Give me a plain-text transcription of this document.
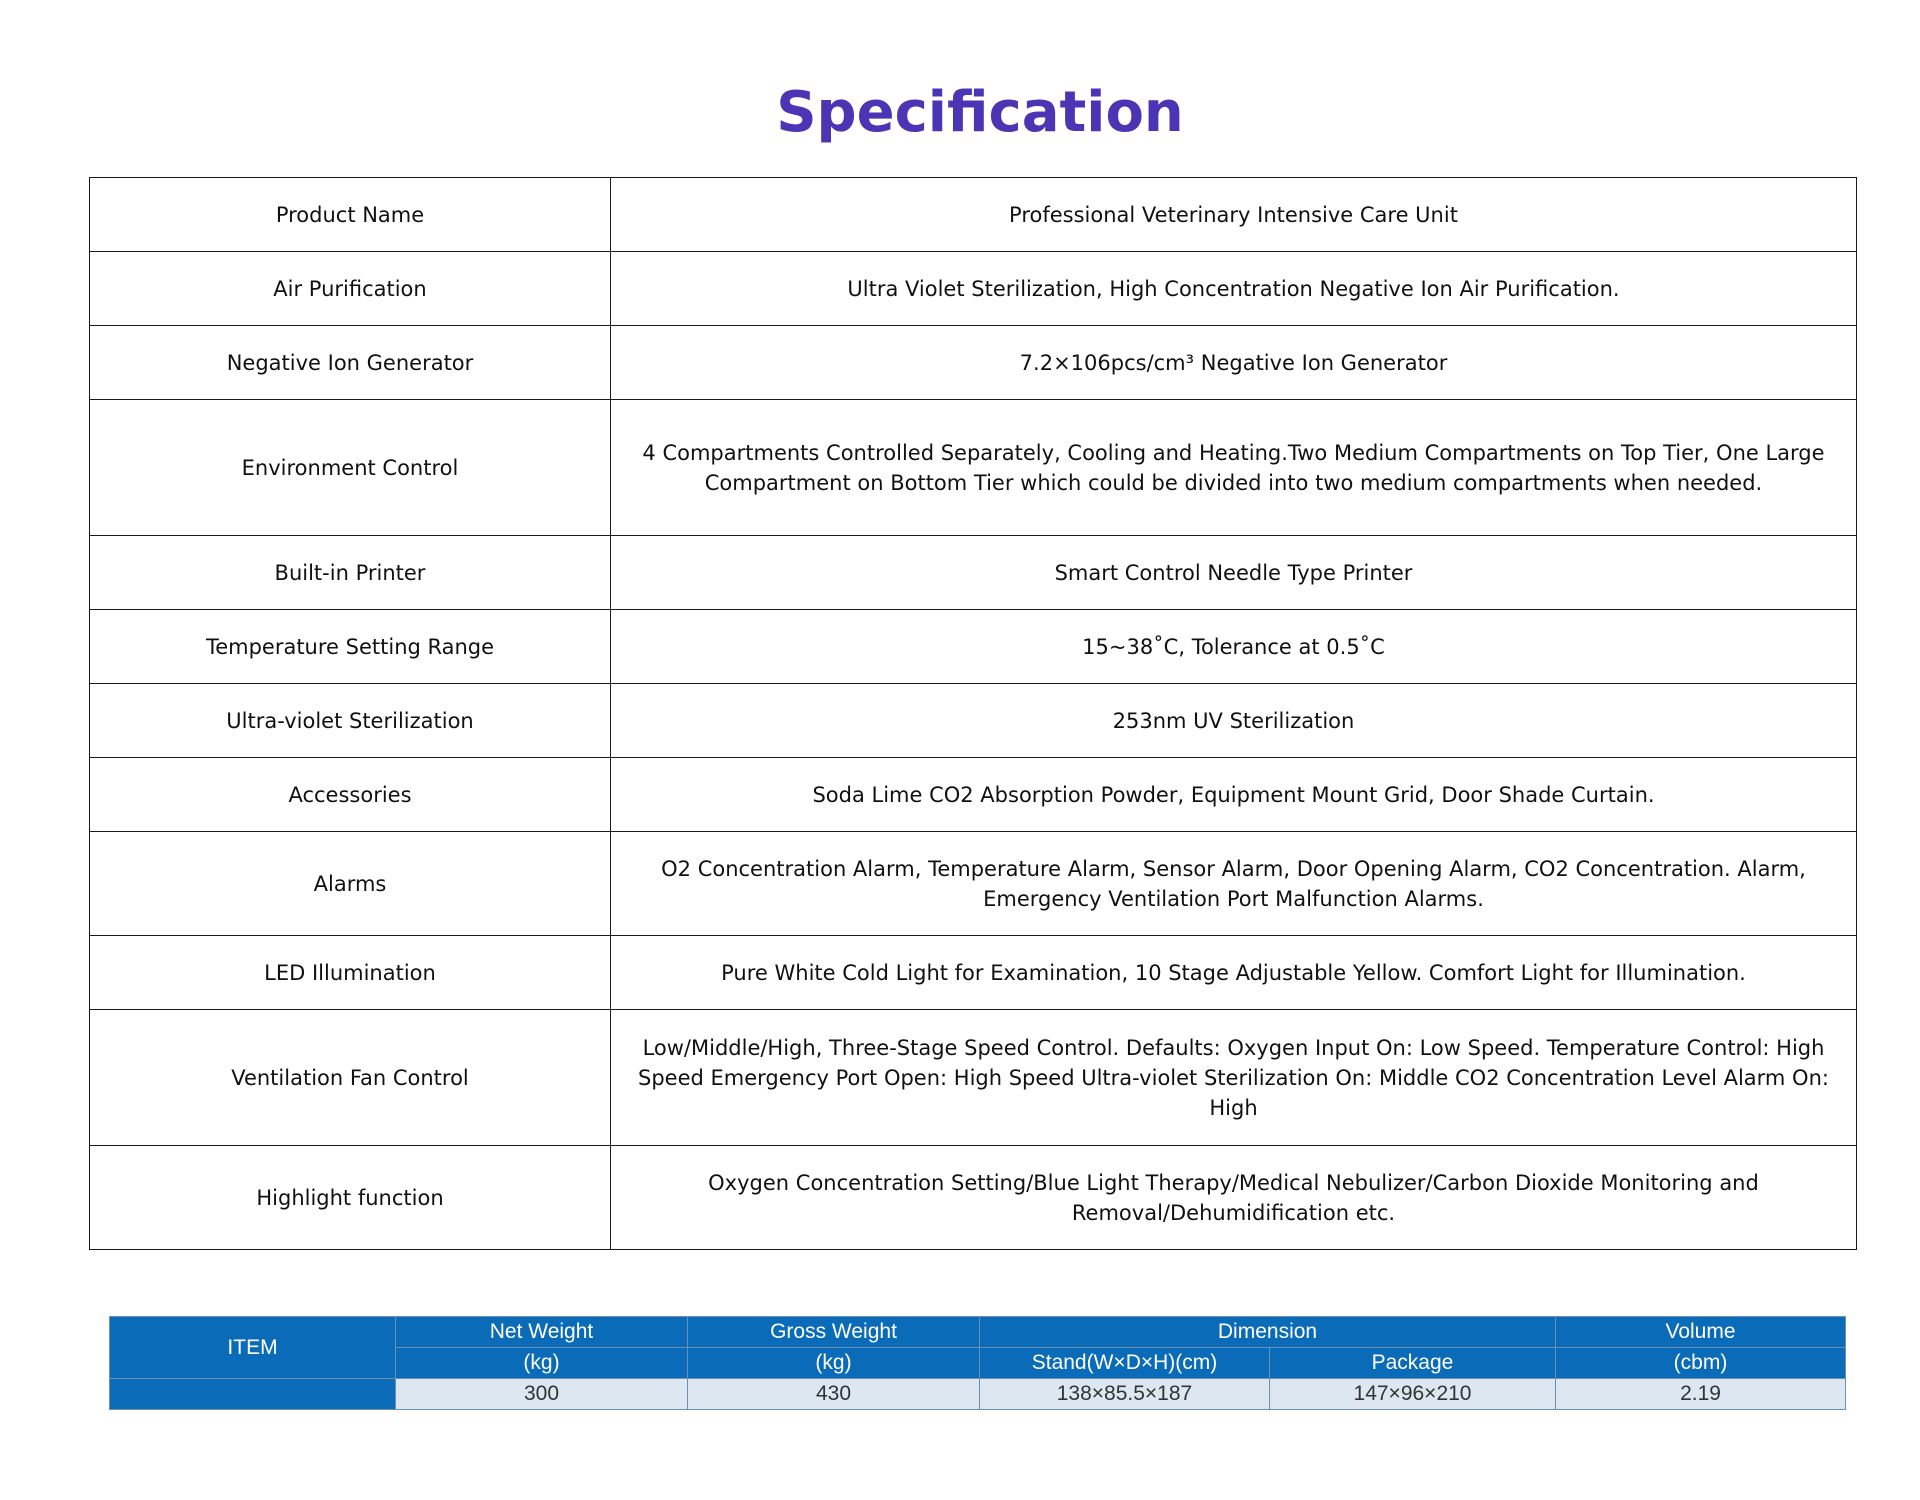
Specification
Product Name	Professional Veterinary Intensive Care Unit
Air Purification	Ultra Violet Sterilization, High Concentration Negative Ion Air Purification.
Negative Ion Generator	7.2×106pcs/cm³ Negative Ion Generator
Environment Control	4 Compartments Controlled Separately, Cooling and Heating.Two Medium Compartments on Top Tier, One Large Compartment on Bottom Tier which could be divided into two medium compartments when needed.
Built-in Printer	Smart Control Needle Type Printer
Temperature Setting Range	15~38˚C, Tolerance at 0.5˚C
Ultra-violet Sterilization	253nm UV Sterilization
Accessories	Soda Lime CO2 Absorption Powder, Equipment Mount Grid, Door Shade Curtain.
Alarms	O2 Concentration Alarm, Temperature Alarm, Sensor Alarm, Door Opening Alarm, CO2 Concentration. Alarm, Emergency Ventilation Port Malfunction Alarms.
LED Illumination	Pure White Cold Light for Examination, 10 Stage Adjustable Yellow. Comfort Light for Illumination.
Ventilation Fan Control	Low/Middle/High, Three-Stage Speed Control. Defaults: Oxygen Input On: Low Speed. Temperature Control: High Speed Emergency Port Open: High Speed Ultra-violet Sterilization On: Middle CO2 Concentration Level Alarm On: High
Highlight function	Oxygen Concentration Setting/Blue Light Therapy/Medical Nebulizer/Carbon Dioxide Monitoring and Removal/Dehumidification etc.
ITEM	Net Weight	Gross Weight	Dimension		Volume
	(kg)	(kg)	Stand(W×D×H)(cm)	Package	(cbm)
	300	430	138×85.5×187	147×96×210	2.19
